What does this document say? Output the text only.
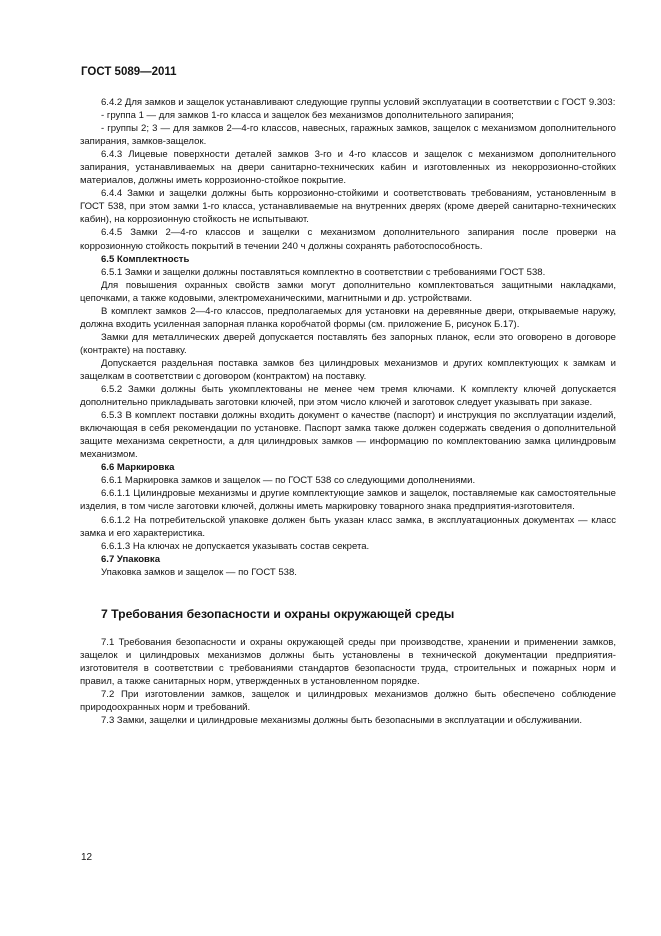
ГОСТ 5089—2011

6.4.2 Для замков и защелок устанавливают следующие группы условий эксплуатации в соответствии с ГОСТ 9.303:

- группа 1 — для замков 1-го класса и защелок без механизмов дополнительного запирания;

- группы 2; 3 — для замков 2—4-го классов, навесных, гаражных замков, защелок с механизмом дополнительного запирания, замков-защелок.

6.4.3 Лицевые поверхности деталей замков 3-го и 4-го классов и защелок с механизмом дополнительного запирания, устанавливаемых на двери санитарно-технических кабин и изготовленных из некоррозионно-стойких материалов, должны иметь коррозионно-стойкое покрытие.

6.4.4 Замки и защелки должны быть коррозионно-стойкими и соответствовать требованиям, установленным в ГОСТ 538, при этом замки 1-го класса, устанавливаемые на внутренних дверях (кроме дверей санитарно-технических кабин), на коррозионную стойкость не испытывают.

6.4.5 Замки 2—4-го классов и защелки с механизмом дополнительного запирания после проверки на коррозионную стойкость покрытий в течении 240 ч должны сохранять работоспособность.

6.5 Комплектность

6.5.1 Замки и защелки должны поставляться комплектно в соответствии с требованиями ГОСТ 538.

Для повышения охранных свойств замки могут дополнительно комплектоваться защитными накладками, цепочками, а также кодовыми, электромеханическими, магнитными и др. устройствами.

В комплект замков 2—4-го классов, предполагаемых для установки на деревянные двери, открываемые наружу, должна входить усиленная запорная планка коробчатой формы (см. приложение Б, рисунок Б.17).

Замки для металлических дверей допускается поставлять без запорных планок, если это оговорено в договоре (контракте) на поставку.

Допускается раздельная поставка замков без цилиндровых механизмов и других комплектующих к замкам и защелкам в соответствии с договором (контрактом) на поставку.

6.5.2 Замки должны быть укомплектованы не менее чем тремя ключами. К комплекту ключей допускается дополнительно прикладывать заготовки ключей, при этом число ключей и заготовок следует указывать при заказе.

6.5.3 В комплект поставки должны входить документ о качестве (паспорт) и инструкция по эксплуатации изделий, включающая в себя рекомендации по установке. Паспорт замка также должен содержать сведения о дополнительной защите механизма секретности, а для цилиндровых замков — информацию по комплектованию замка цилиндровым механизмом.

6.6 Маркировка

6.6.1 Маркировка замков и защелок — по ГОСТ 538 со следующими дополнениями.

6.6.1.1 Цилиндровые механизмы и другие комплектующие замков и защелок, поставляемые как самостоятельные изделия, в том числе заготовки ключей, должны иметь маркировку товарного знака предприятия-изготовителя.

6.6.1.2 На потребительской упаковке должен быть указан класс замка, в эксплуатационных документах — класс замка и его характеристика.

6.6.1.3 На ключах не допускается указывать состав секрета.

6.7 Упаковка

Упаковка замков и защелок — по ГОСТ 538.

7 Требования безопасности и охраны окружающей среды

7.1 Требования безопасности и охраны окружающей среды при производстве, хранении и применении замков, защелок и цилиндровых механизмов должны быть установлены в технической документации предприятия-изготовителя в соответствии с требованиями стандартов безопасности труда, строительных и пожарных норм и правил, а также санитарных норм, утвержденных в установленном порядке.

7.2 При изготовлении замков, защелок и цилиндровых механизмов должно быть обеспечено соблюдение природоохранных норм и требований.

7.3 Замки, защелки и цилиндровые механизмы должны быть безопасными в эксплуатации и обслуживании.

12
